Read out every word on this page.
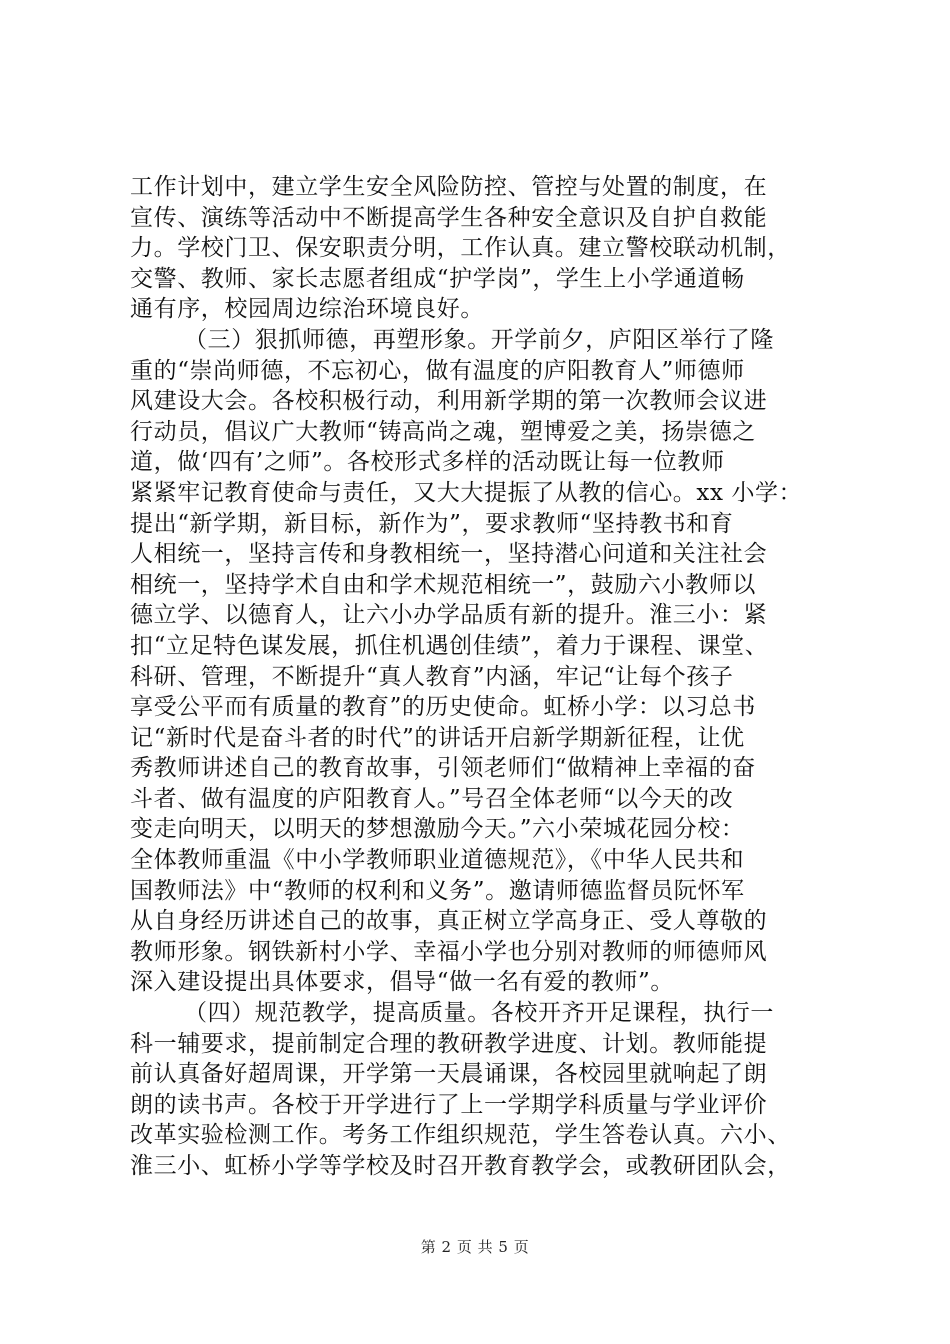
工作计划中，建立学生安全风险防控、管控与处置的制度，在
宣传、演练等活动中不断提高学生各种安全意识及自护自救能
力。学校门卫、保安职责分明，工作认真。建立警校联动机制，
交警、教师、家长志愿者组成“护学岗”，学生上小学通道畅
通有序，校园周边综治环境良好。
（三）狠抓师德，再塑形象。开学前夕，庐阳区举行了隆
重的“崇尚师德，不忘初心，做有温度的庐阳教育人”师德师
风建设大会。各校积极行动，利用新学期的第一次教师会议进
行动员，倡议广大教师“铸高尚之魂，塑博爱之美，扬崇德之
道，做‘四有’之师”。各校形式多样的活动既让每一位教师
紧紧牢记教育使命与责任，又大大提振了从教的信心。xx 小学：
提出“新学期，新目标，新作为”，要求教师“坚持教书和育
人相统一，坚持言传和身教相统一，坚持潜心问道和关注社会
相统一，坚持学术自由和学术规范相统一”，鼓励六小教师以
德立学、以德育人，让六小办学品质有新的提升。淮三小：紧
扣“立足特色谋发展，抓住机遇创佳绩”，着力于课程、课堂、
科研、管理，不断提升“真人教育”内涵，牢记“让每个孩子
享受公平而有质量的教育”的历史使命。虹桥小学：以习总书
记“新时代是奋斗者的时代”的讲话开启新学期新征程，让优
秀教师讲述自己的教育故事，引领老师们“做精神上幸福的奋
斗者、做有温度的庐阳教育人。”号召全体老师“以今天的改
变走向明天，以明天的梦想激励今天。”六小荣城花园分校：
全体教师重温《中小学教师职业道德规范》，《中华人民共和
国教师法》中“教师的权利和义务”。邀请师德监督员阮怀军
从自身经历讲述自己的故事，真正树立学高身正、受人尊敬的
教师形象。钢铁新村小学、幸福小学也分别对教师的师德师风
深入建设提出具体要求，倡导“做一名有爱的教师”。
（四）规范教学，提高质量。各校开齐开足课程，执行一
科一辅要求，提前制定合理的教研教学进度、计划。教师能提
前认真备好超周课，开学第一天晨诵课，各校园里就响起了朗
朗的读书声。各校于开学进行了上一学期学科质量与学业评价
改革实验检测工作。考务工作组织规范，学生答卷认真。六小、
淮三小、虹桥小学等学校及时召开教育教学会，或教研团队会，
第 2 页 共 5 页
